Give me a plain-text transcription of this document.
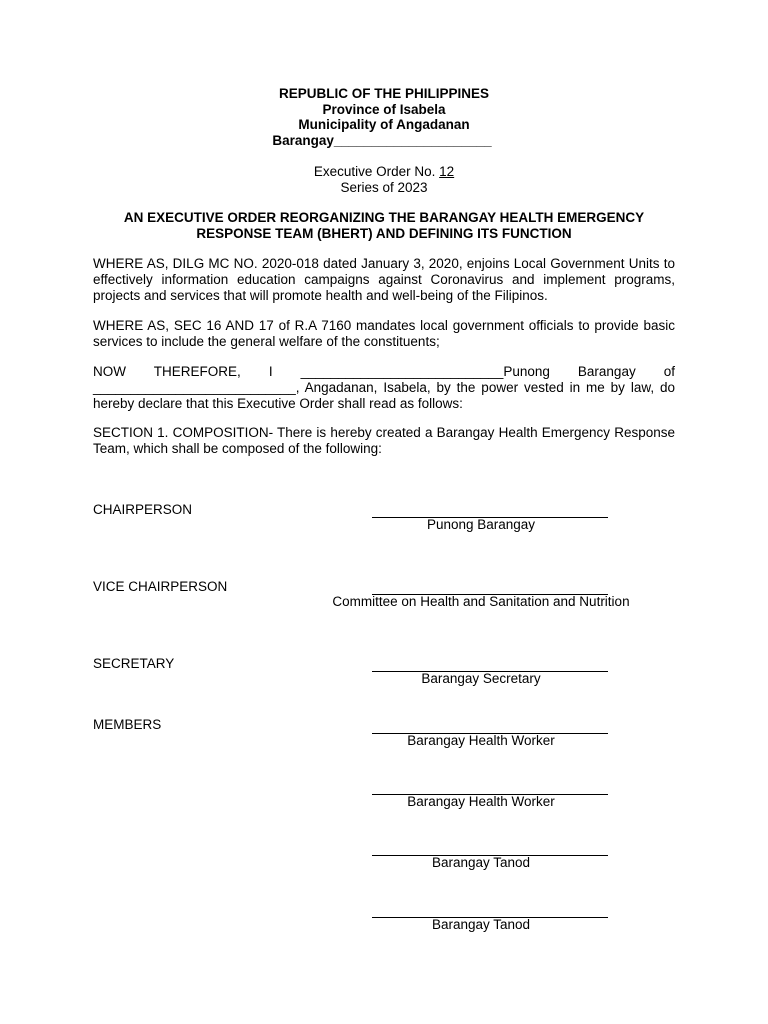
REPUBLIC OF THE PHILIPPINES
Province of Isabela
Municipality of Angadanan
Barangay_____________________
Executive Order No. 12
Series of 2023
AN EXECUTIVE ORDER REORGANIZING THE BARANGAY HEALTH EMERGENCY
RESPONSE TEAM (BHERT) AND DEFINING ITS FUNCTION

WHERE AS, DILG MC NO. 2020-018 dated January 3, 2020, enjoins Local Government Units to effectively information education campaigns against Coronavirus and implement programs, projects and services that will promote health and well-being of the Filipinos.

WHERE AS, SEC 16 AND 17 of R.A 7160 mandates local government officials to provide basic services to include the general welfare of the constituents;

NOW THEREFORE, I ___________________________Punong Barangay of ___________________________, Angadanan, Isabela, by the power vested in me by law, do hereby declare that this Executive Order shall read as follows:

SECTION 1. COMPOSITION- There is hereby created a Barangay Health Emergency Response Team, which shall be composed of the following:

CHAIRPERSON
Punong Barangay
VICE CHAIRPERSON
Committee on Health and Sanitation and Nutrition
SECRETARY
Barangay Secretary
MEMBERS
Barangay Health Worker
Barangay Health Worker
Barangay Tanod
Barangay Tanod
